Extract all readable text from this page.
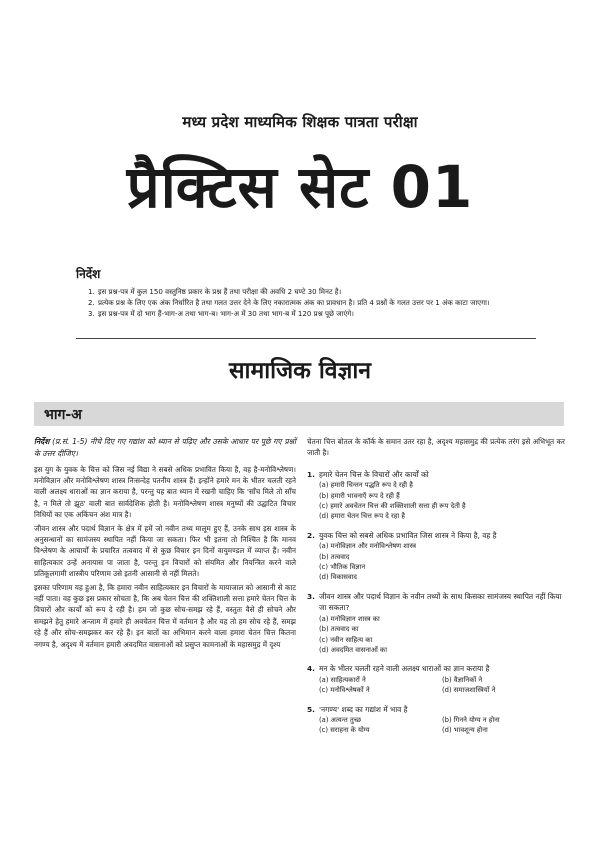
मध्य प्रदेश माध्यमिक शिक्षक पात्रता परीक्षा
प्रैक्टिस सेट 01
निर्देश
1. इस प्रश्न-पत्र में कुल 150 वस्तुनिष्ठ प्रकार के प्रश्न हैं तथा परीक्षा की अवधि 2 घण्टे 30 मिनट है।
2. प्रत्येक प्रश्न के लिए एक अंक निर्धारित है तथा गलत उत्तर देने के लिए नकारात्मक अंक का प्रावधान है। प्रति 4 प्रश्नों के गलत उत्तर पर 1 अंक काटा जाएगा।
3. इस प्रश्न-पत्र में दो भाग हैं-भाग-अ तथा भाग-ब। भाग-अ में 30 तथा भाग-ब में 120 प्रश्न पूछे जाएंगे।
सामाजिक विज्ञान
भाग-अ

निर्देश (प्र.सं. 1-5) नीचे दिए गए गद्यांश को ध्यान से पढ़िए और उसके आधार पर पूछे गए प्रश्नों के उत्तर दीजिए।

इस युग के युवक के चित्त को जिस नई विद्या ने सबसे अधिक प्रभावित किया है, वह है-मनोविश्लेषण। मनोविज्ञान और मनोविश्लेषण शास्त्र निःसन्देह पतनीय शास्त्र हैं। इन्होंने हमारे मन के भीतर चलती रहने वाली अलक्ष्य धाराओं का ज्ञान कराया है, परन्तु यह बात ध्यान में रखनी चाहिए कि 'साँच मिले तो साँच है, न मिले तो झूठ' वाली बात सार्वदेशिक होती है। मनोविश्लेषण शास्त्र मनुष्यों की उद्घाटित विचार निधियों का एक अकिंचन अंश मात्र है।

जीवन शास्त्र और पदार्थ विज्ञान के क्षेत्र में हमें जो नवीन तथ्य मालूम हुए हैं, उनके साथ इस शास्त्र के अनुसन्धानों का सामंजस्य स्थापित नहीं किया जा सकता। फिर भी इतना तो निश्चित है कि मानव विश्लेषण के आचार्यों के प्रचारित तत्ववाद में से कुछ विचार इन दिनों वायुमण्डल में व्याप्त हैं। नवीन साहित्यकार उन्हें अनायास पा जाता है, परन्तु इन विचारों को संयमित और नियन्त्रित करने वाले प्रतिकूलगामी शास्त्रीय परिणाम उसे इतनी आसानी से नहीं मिलते।

इसका परिणाम यह हुआ है, कि हमारा नवीन साहित्यकार इन विचारों के मायाजाल को आसानी से काट नहीं पाता। वह कुछ इस प्रकार सोचता है, कि अब चेतन चित्त की शक्तिशाली सत्ता हमारे चेतन चित्त के विचारों और कार्यों को रूप दे रही है। हम जो कुछ सोच-समझ रहे हैं, वस्तुतः वैसे ही सोचने और समझने हेतु हमारे अन्जाम में हमारे ही अवचेतन चित्त में वर्तमान है और यह तो हम सोच रहे हैं, समझ रहे हैं और सोच-समझकर कर रहे हैं। इन बातों का अभिमान करने वाला हमारा चेतन चित्त कितना नगण्य है, अदृश्य में वर्तमान हमारी अवदमित वासनाओं को प्रसुप्त कामनाओं के महासमुद्र में दृश्य

चेतना चित्त बोतल के कॉर्क के समान उतर रहा है, अदृश्य महासमुद्र की प्रत्येक तरंग इसे अभिभूत कर जाती है।

1. हमारे चेतन चित्त के विचारों और कार्यों को
(a) हमारी चिन्तन पद्धति रूप दे रही है
(b) हमारी भावनाएँ रूप दे रही हैं
(c) हमारे अवचेतन चित्त की शक्तिशाली सत्ता ही रूप देती है
(d) हमारा चेतन चित्त रूप दे रहा है
2. युवक चित्त को सबसे अधिक प्रभावित जिस शास्त्र ने किया है, वह है
(a) मनोविज्ञान और मनोविश्लेषण शास्त्र
(b) तत्ववाद
(c) भौतिक विज्ञान
(d) विकासवाद
3. जीवन शास्त्र और पदार्थ विज्ञान के नवीन तथ्यों के साथ किसका सामंजस्य स्थापित नहीं किया जा सकता?
(a) मनोविज्ञान शास्त्र का
(b) तत्ववाद का
(c) नवीन साहित्य का
(d) अवदमित वासनाओं का
4. मन के भीतर चलती रहने वाली अलक्ष्य धाराओं का ज्ञान कराया है
(a) साहित्यकारों ने	(b) वैज्ञानिकों ने
(c) मनोविश्लेषकों ने	(d) समाजशास्त्रियों ने
5. 'नगण्य' शब्द का गद्यांश में भाव है
(a) अत्यन्त तुच्छ	(b) गिनने योग्य न होना
(c) सराहना के योग्य	(d) भावशून्य होना
